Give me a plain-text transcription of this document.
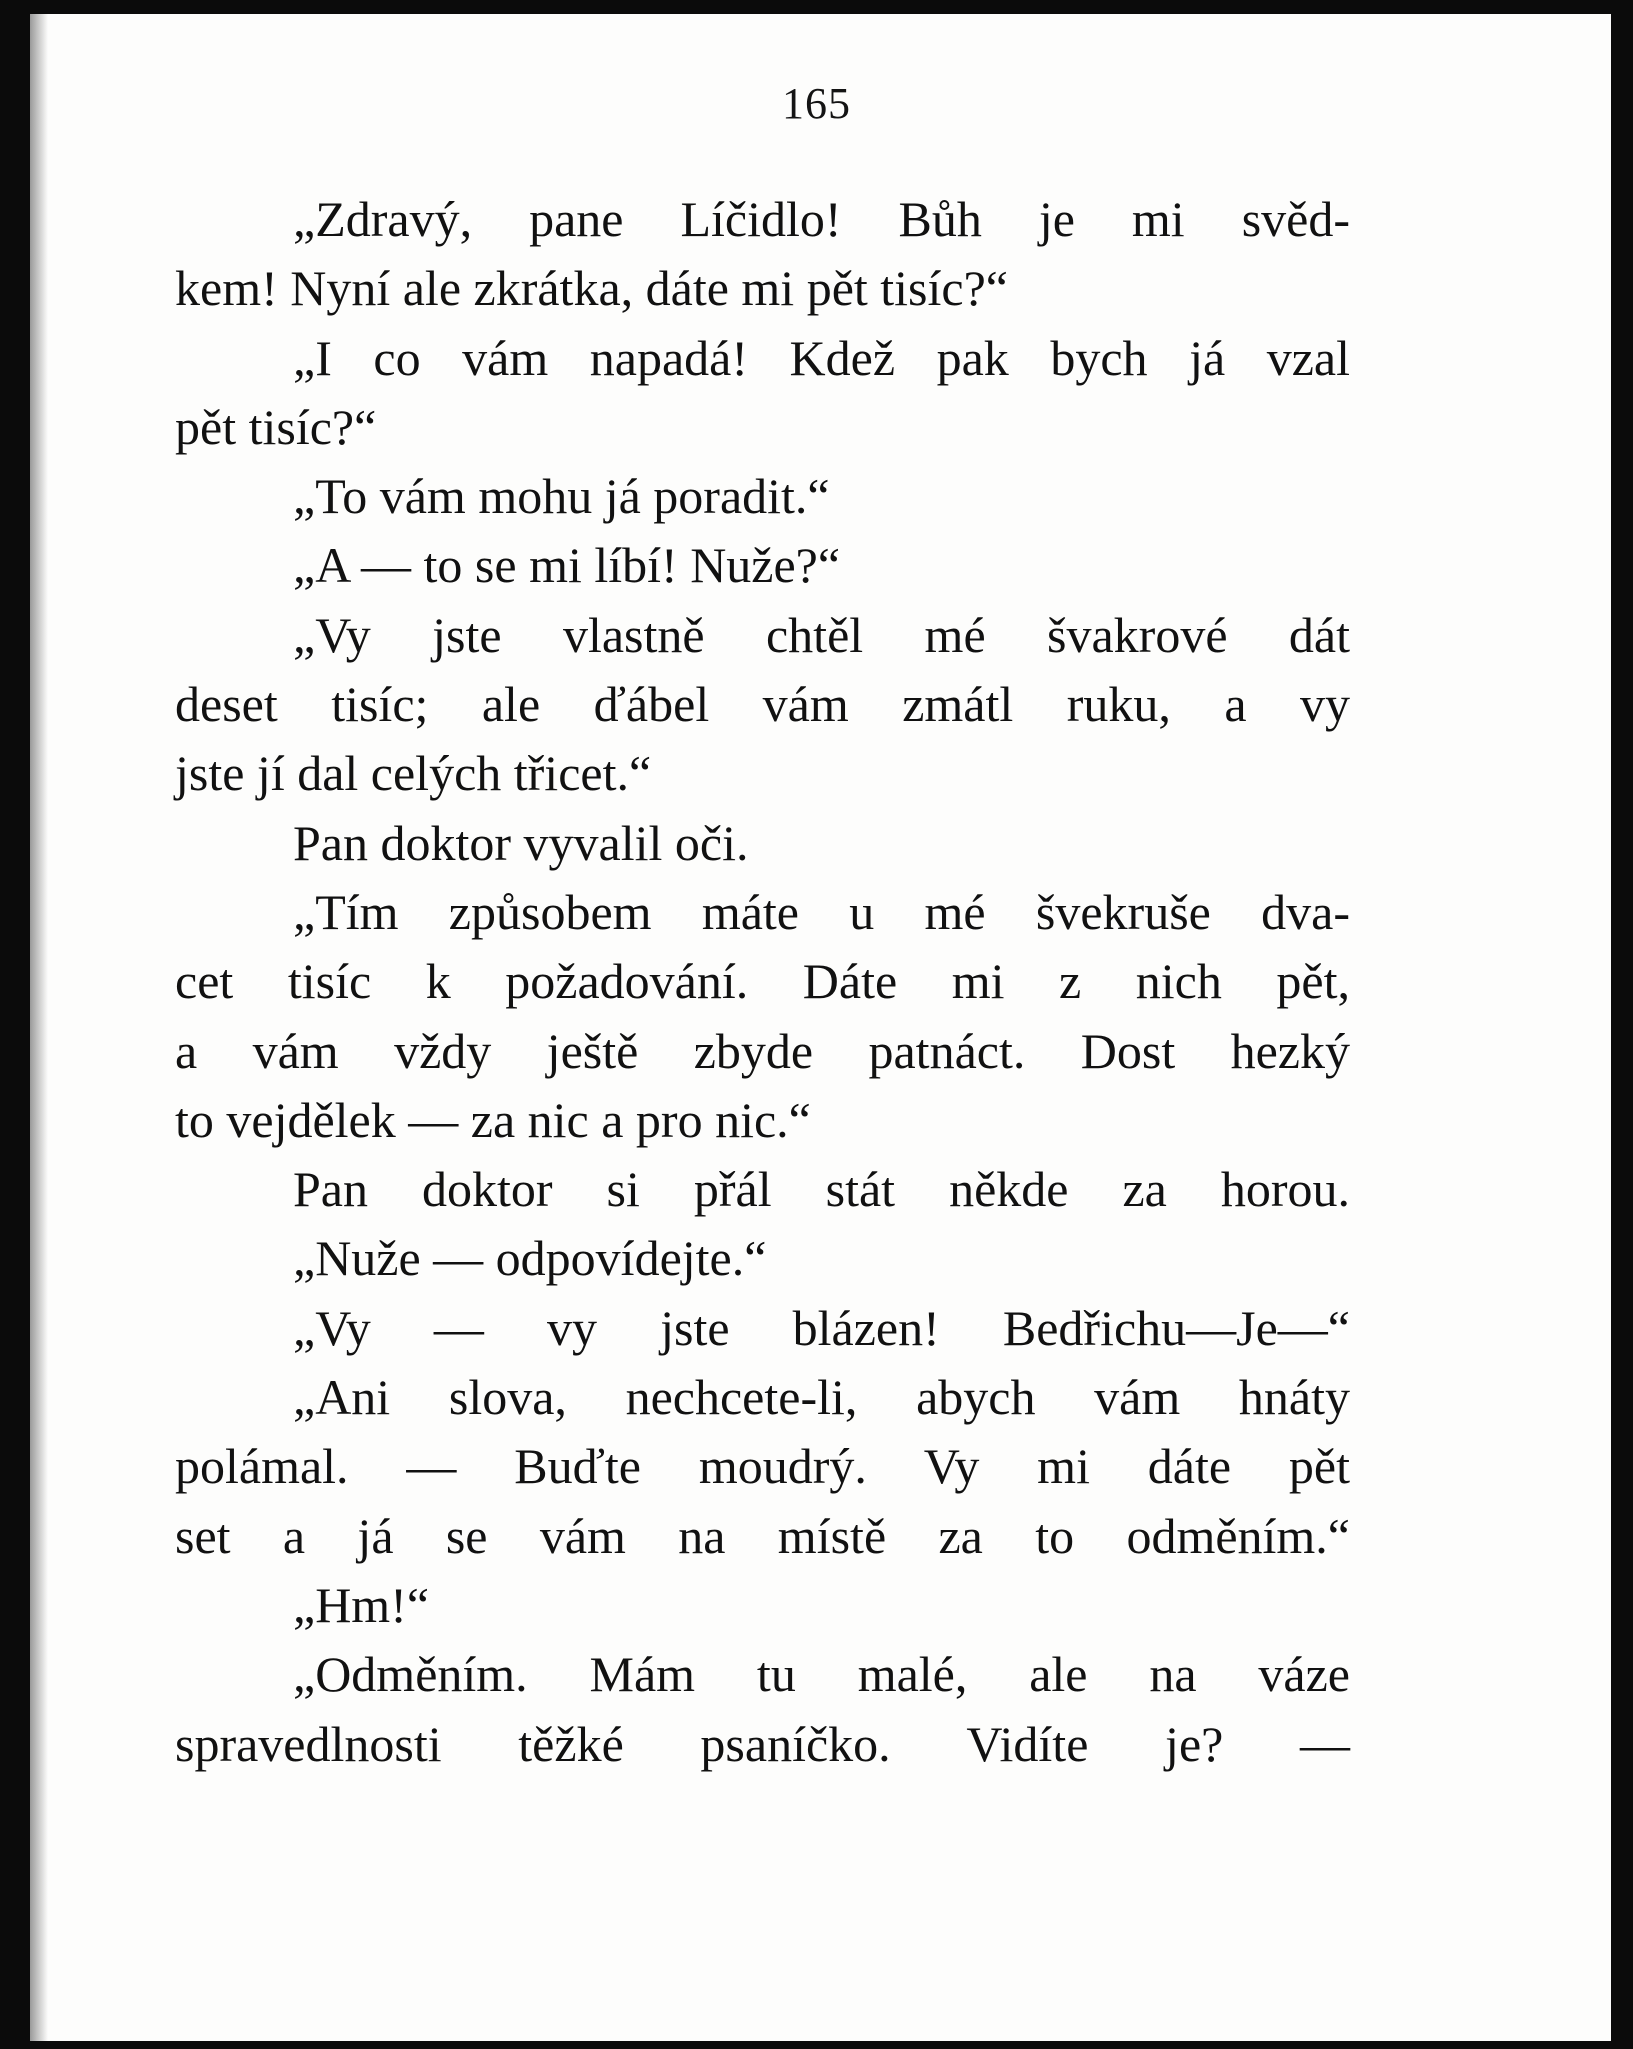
165
„Zdravý, pane Líčidlo! Bůh je mi svěd-
kem! Nyní ale zkrátka, dáte mi pět tisíc?“
„I co vám napadá! Kdež pak bych já vzal
pět tisíc?“
„To vám mohu já poradit.“
„A — to se mi líbí! Nuže?“
„Vy jste vlastně chtěl mé švakrové dát
deset tisíc; ale ďábel vám zmátl ruku, a vy
jste jí dal celých třicet.“
Pan doktor vyvalil oči.
„Tím způsobem máte u mé švekruše dva-
cet tisíc k požadování. Dáte mi z nich pět,
a vám vždy ještě zbyde patnáct. Dost hezký
to vejdělek — za nic a pro nic.“
Pan doktor si přál stát někde za horou.
„Nuže — odpovídejte.“
„Vy — vy jste blázen! Bedřichu—Je—“
„Ani slova, nechcete-li, abych vám hnáty
polámal. — Buďte moudrý. Vy mi dáte pět
set a já se vám na místě za to odměním.“
„Hm!“
„Odměním. Mám tu malé, ale na váze
spravedlnosti těžké psaníčko. Vidíte je? —
